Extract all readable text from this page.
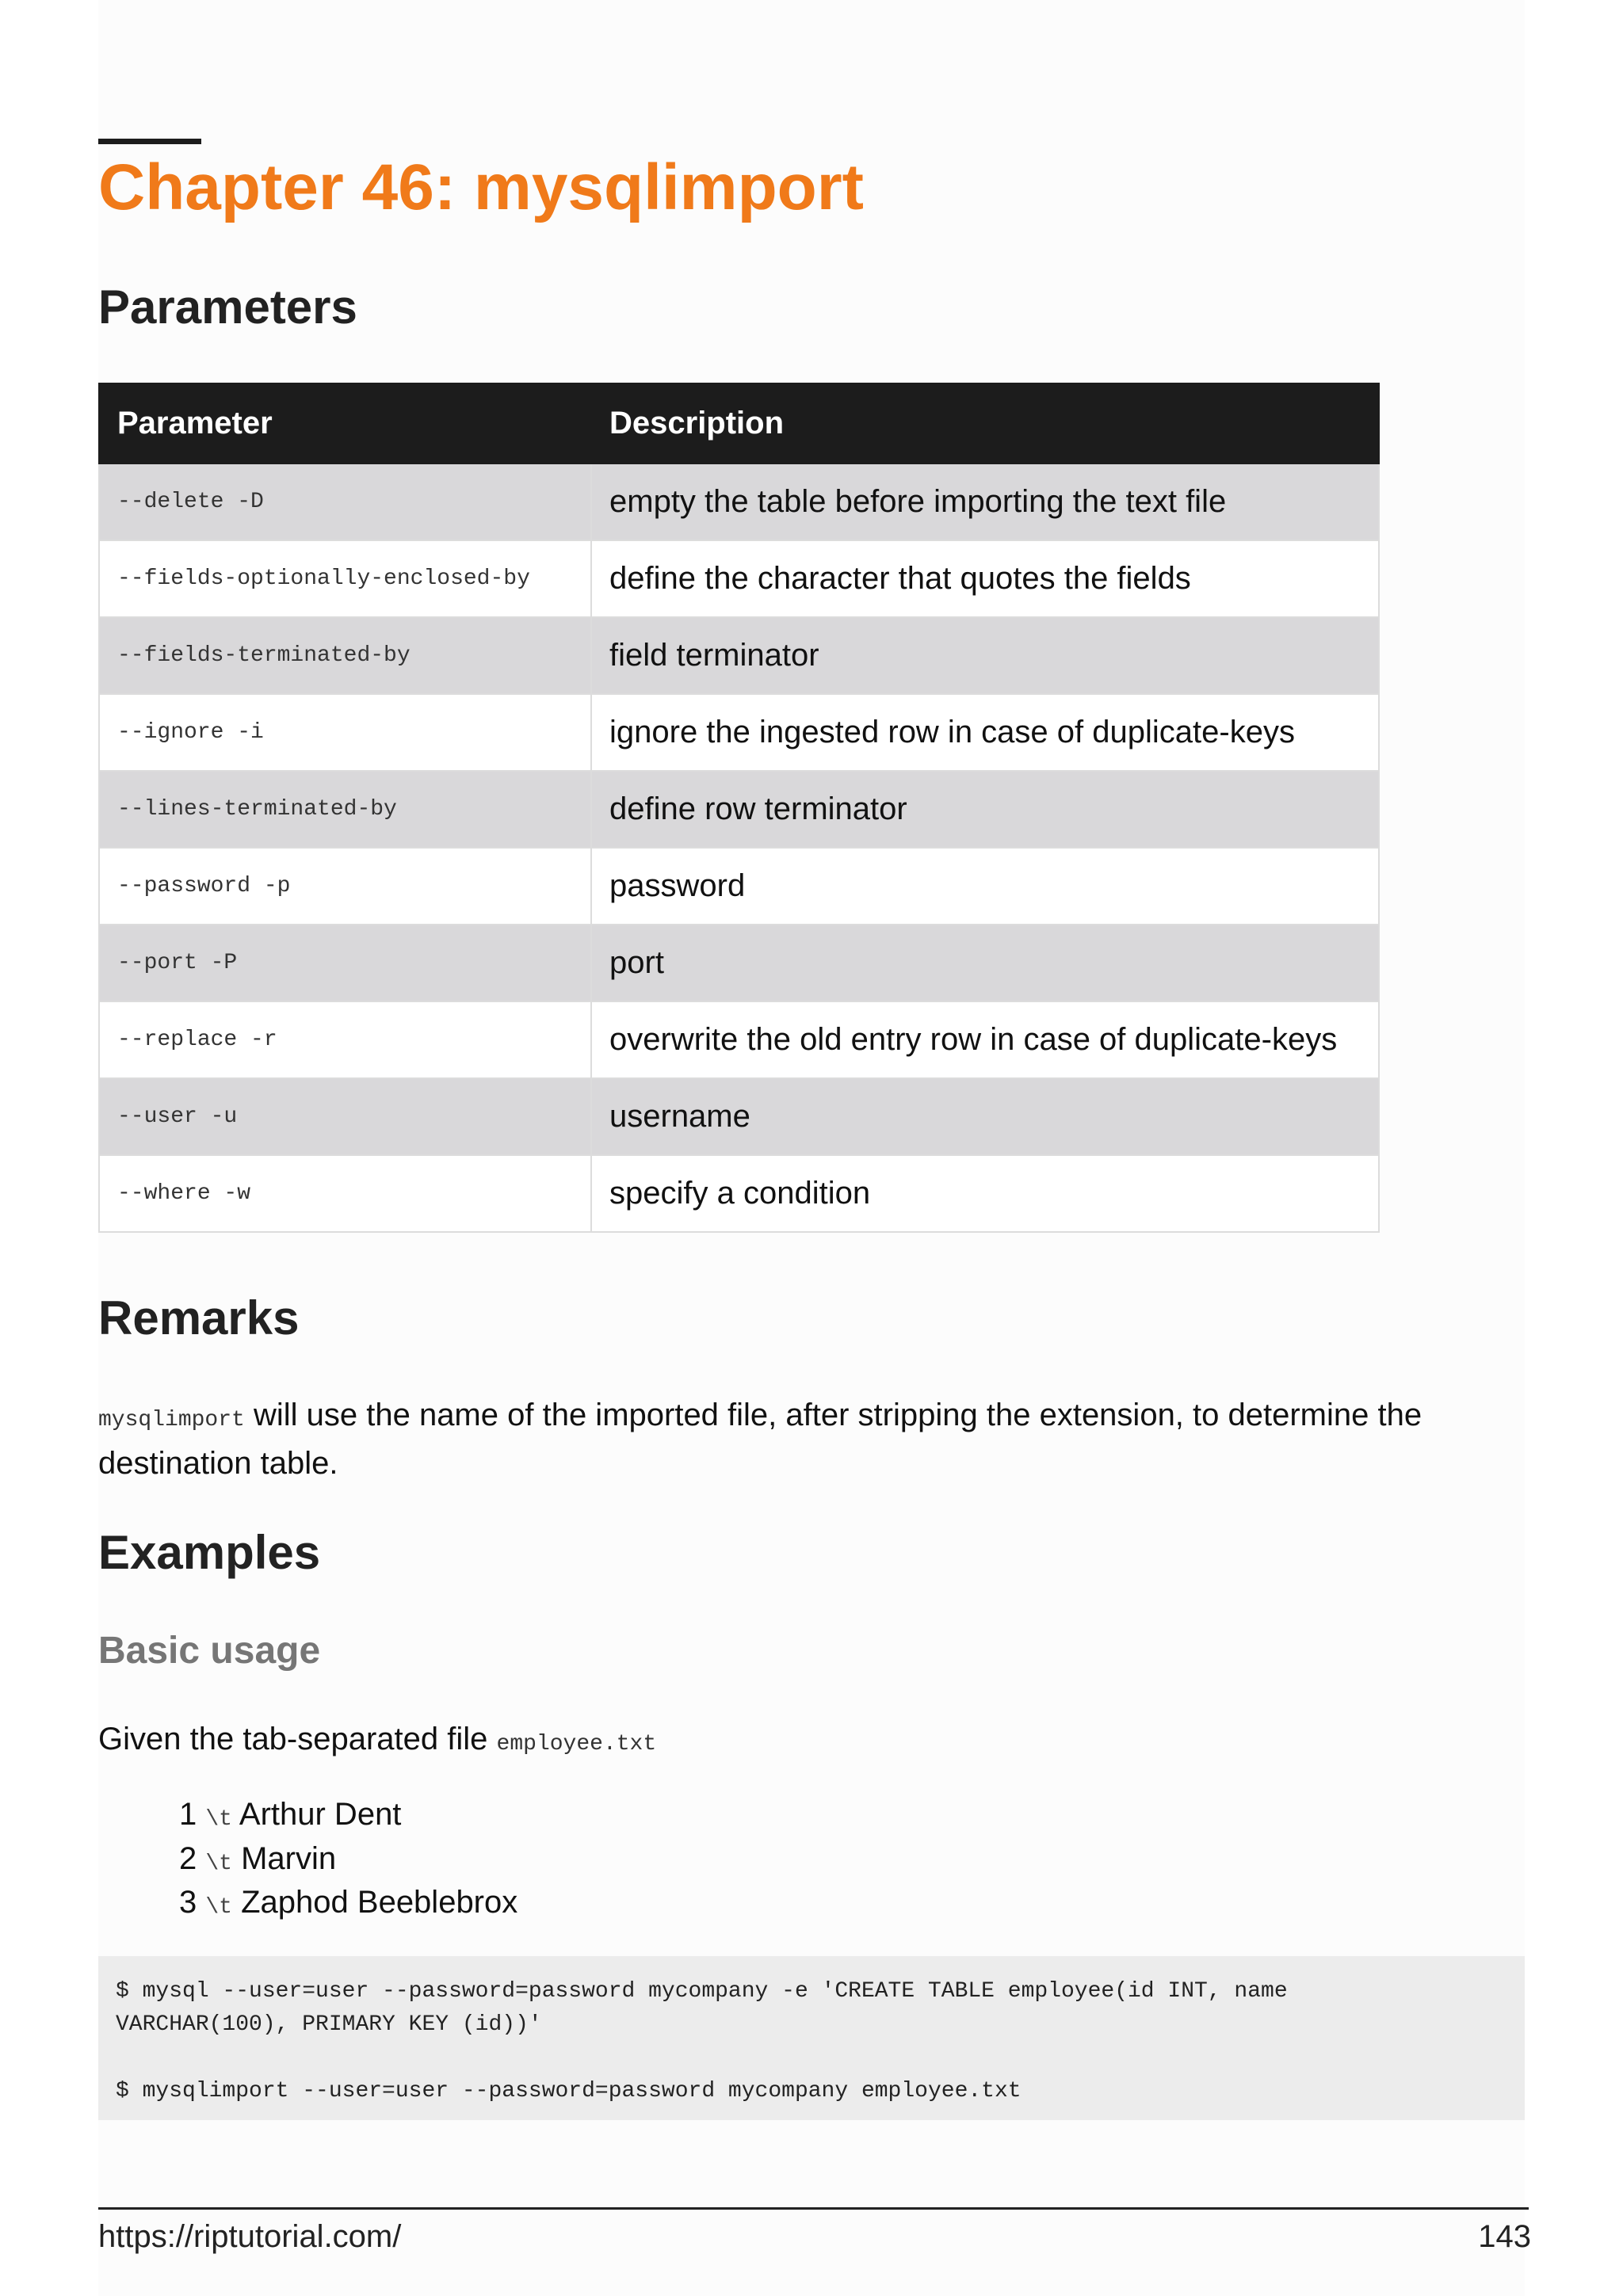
Chapter 46: mysqlimport
Parameters
Parameter	Description
--delete -D	empty the table before importing the text file
--fields-optionally-enclosed-by	define the character that quotes the fields
--fields-terminated-by	field terminator
--ignore -i	ignore the ingested row in case of duplicate-keys
--lines-terminated-by	define row terminator
--password -p	password
--port -P	port
--replace -r	overwrite the old entry row in case of duplicate-keys
--user -u	username
--where -w	specify a condition
Remarks
mysqlimport will use the name of the imported file, after stripping the extension, to determine the
destination table.
Examples
Basic usage
Given the tab-separated file employee.txt
1 \t Arthur Dent
2 \t Marvin
3 \t Zaphod Beeblebrox
$ mysql --user=user --password=password mycompany -e 'CREATE TABLE employee(id INT, name
VARCHAR(100), PRIMARY KEY (id))'

$ mysqlimport --user=user --password=password mycompany employee.txt
https://riptutorial.com/	143
